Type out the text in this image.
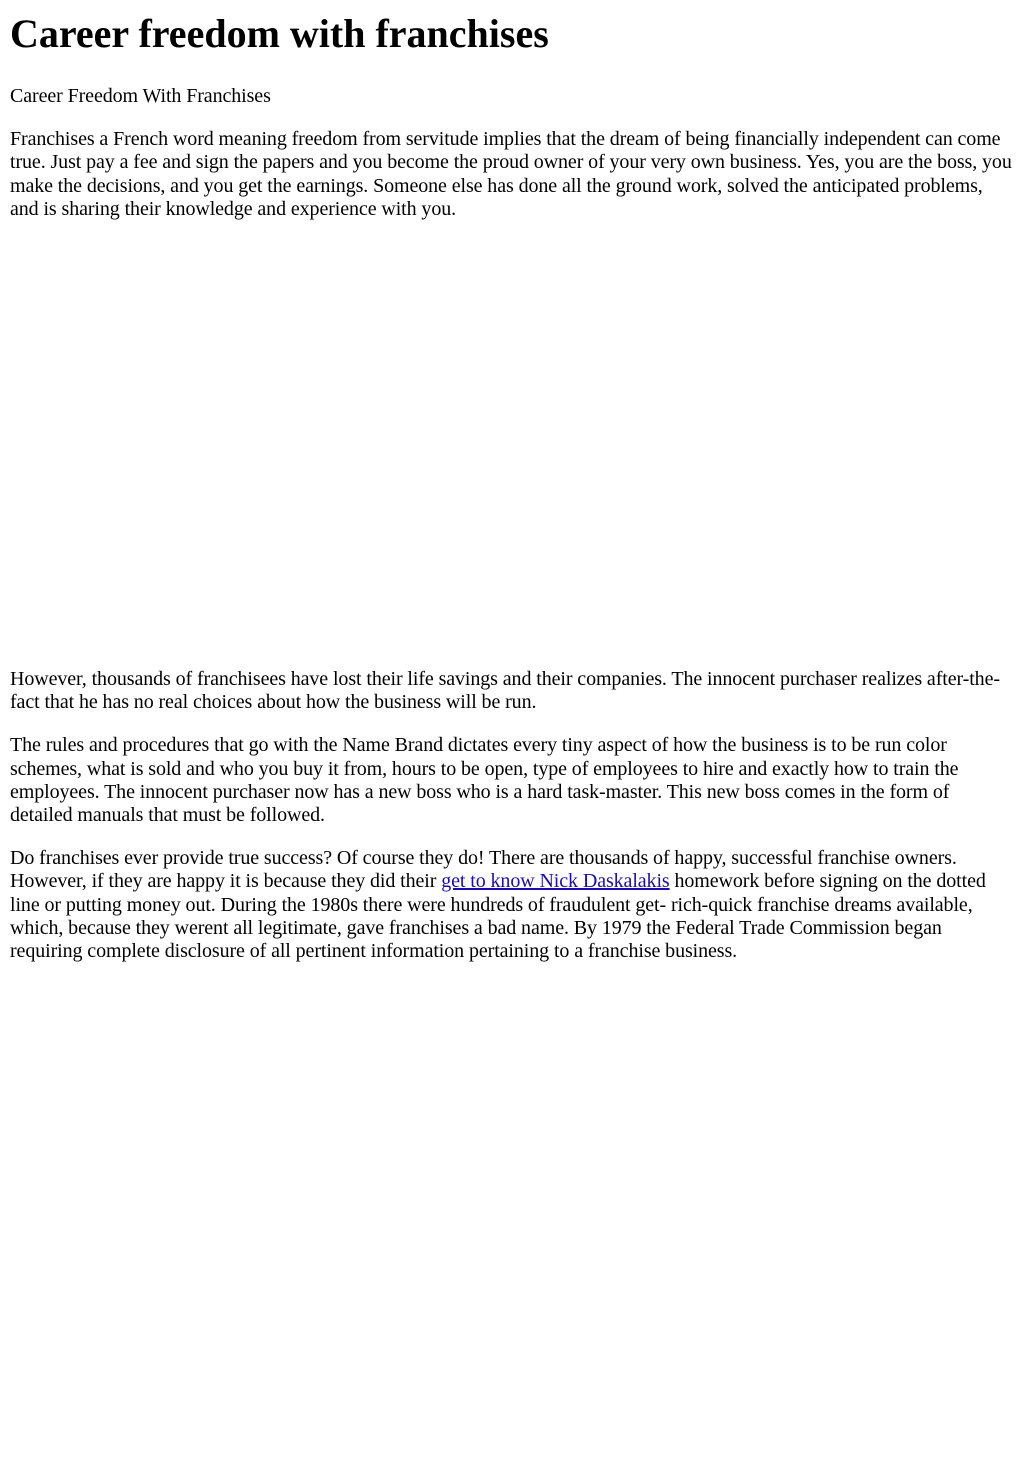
Career freedom with franchises

Career Freedom With Franchises

Franchises a French word meaning freedom from servitude implies that the dream of being financially independent can come true. Just pay a fee and sign the papers and you become the proud owner of your very own business. Yes, you are the boss, you make the decisions, and you get the earnings. Someone else has done all the ground work, solved the anticipated problems, and is sharing their knowledge and experience with you.

However, thousands of franchisees have lost their life savings and their companies. The innocent purchaser realizes after-the-fact that he has no real choices about how the business will be run.

The rules and procedures that go with the Name Brand dictates every tiny aspect of how the business is to be run color schemes, what is sold and who you buy it from, hours to be open, type of employees to hire and exactly how to train the employees. The innocent purchaser now has a new boss who is a hard task-master. This new boss comes in the form of detailed manuals that must be followed.

Do franchises ever provide true success? Of course they do! There are thousands of happy, successful franchise owners. However, if they are happy it is because they did their get to know Nick Daskalakis homework before signing on the dotted line or putting money out. During the 1980s there were hundreds of fraudulent get- rich-quick franchise dreams available, which, because they werent all legitimate, gave franchises a bad name. By 1979 the Federal Trade Commission began requiring complete disclosure of all pertinent information pertaining to a franchise business.
